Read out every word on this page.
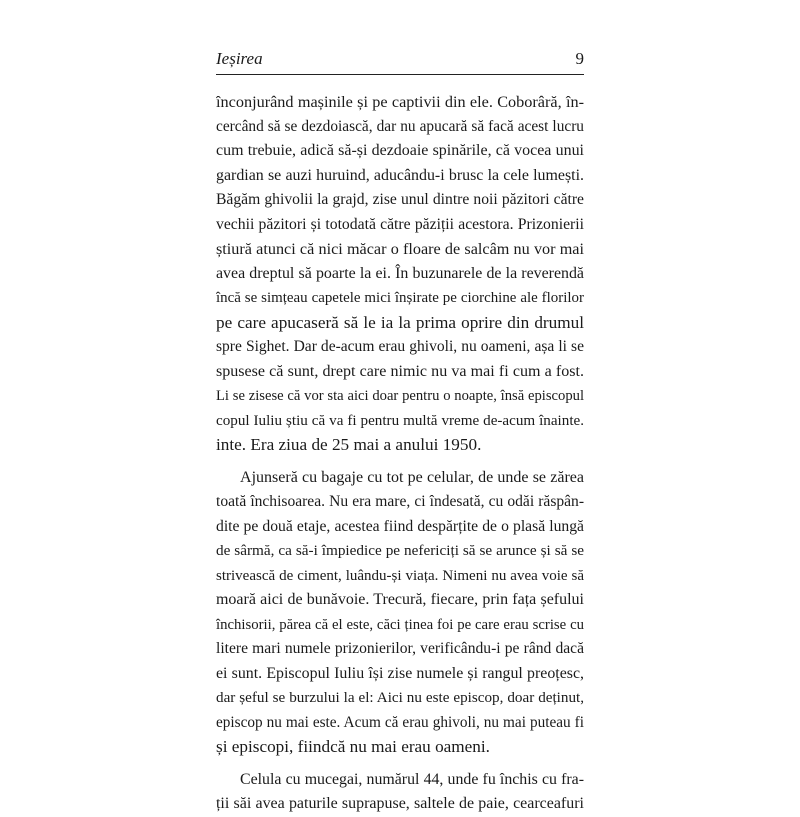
Ieșirea	9
înconjurând mașinile și pe captivii din ele. Coborâră, în-
cercând să se dezdoiască, dar nu apucară să facă acest lucru
cum trebuie, adică să-și dezdoaie spinările, că vocea unui
gardian se auzi huruind, aducându-i brusc la cele lumești.
Băgăm ghivolii la grajd, zise unul dintre noii păzitori către
vechii păzitori și totodată către păziții acestora. Prizonierii
știură atunci că nici măcar o floare de salcâm nu vor mai
avea dreptul să poarte la ei. În buzunarele de la reverendă
încă se simțeau capetele mici înșirate pe ciorchine ale florilor
pe care apucaseră să le ia la prima oprire din drumul
spre Sighet. Dar de-acum erau ghivoli, nu oameni, așa li se
spusese că sunt, drept care nimic nu va mai fi cum a fost.
Li se zisese că vor sta aici doar pentru o noapte, însă episcopul
copul Iuliu știu că va fi pentru multă vreme de-acum înainte.
inte. Era ziua de 25 mai a anului 1950.
Ajunseră cu bagaje cu tot pe celular, de unde se zărea
toată închisoarea. Nu era mare, ci îndesată, cu odăi răspân-
dite pe două etaje, acestea fiind despărțite de o plasă lungă
de sârmă, ca să-i împiedice pe nefericiți să se arunce și să se
strivească de ciment, luându-și viața. Nimeni nu avea voie să
moară aici de bunăvoie. Trecură, fiecare, prin fața șefului
închisorii, părea că el este, căci ținea foi pe care erau scrise cu
litere mari numele prizonierilor, verificându-i pe rând dacă
ei sunt. Episcopul Iuliu își zise numele și rangul preoțesc,
dar șeful se burzului la el: Aici nu este episcop, doar deținut,
episcop nu mai este. Acum că erau ghivoli, nu mai puteau fi
și episcopi, fiindcă nu mai erau oameni.
Celula cu mucegai, numărul 44, unde fu închis cu fra-
ții săi avea paturile suprapuse, saltele de paie, cearceafuri
